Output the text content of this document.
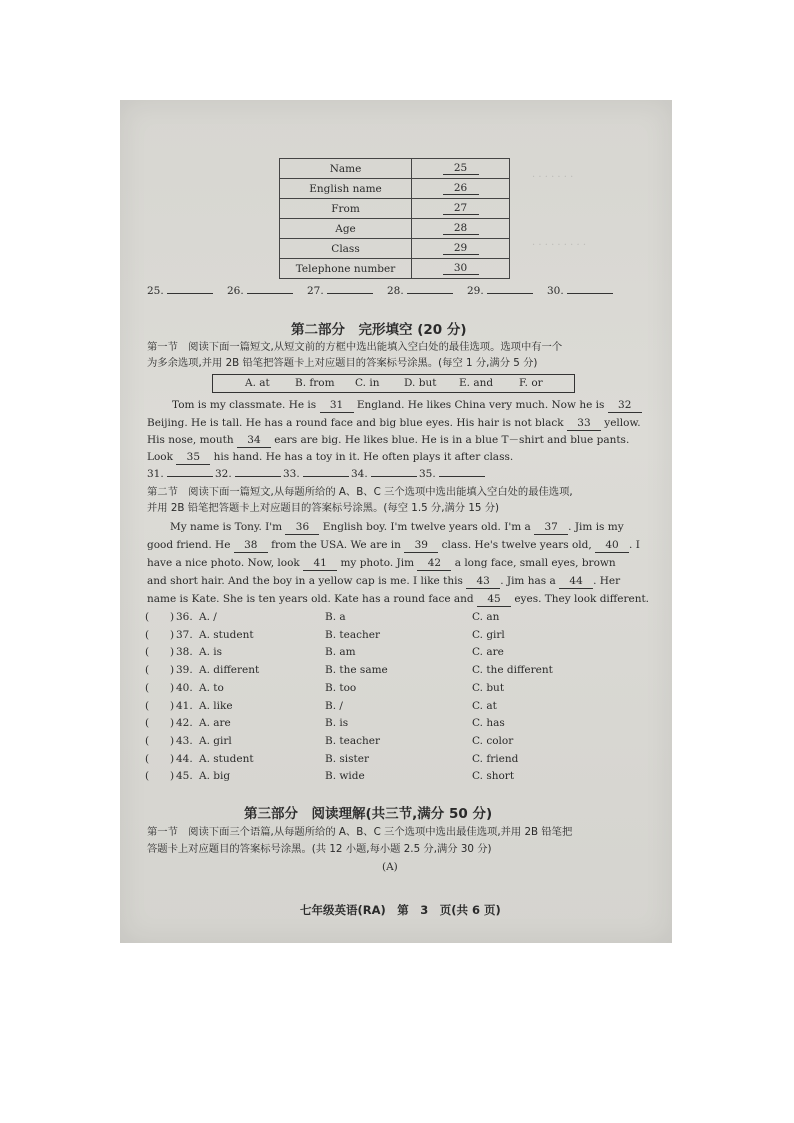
· · · · · · ·
· · · · · · · · ·
Name	25
English name	26
From	27
Age	28
Class	29
Telephone number	30
25.	26.	27.	28.	29.	30.
第二部分　完形填空 (20 分)
第一节　阅读下面一篇短文,从短文前的方框中选出能填入空白处的最佳选项。选项中有一个
为多余选项,并用 2B 铅笔把答题卡上对应题目的答案标号涂黑。(每空 1 分,满分 5 分)
A. at B. from C. in D. but E. and F. or
Tom is my classmate. He is 31 England. He likes China very much. Now he is 32
Beijing. He is tall. He has a round face and big blue eyes. His hair is not black 33 yellow.
His nose, mouth 34 ears are big. He likes blue. He is in a blue T－shirt and blue pants.
Look 35 his hand. He has a toy in it. He often plays it after class.
31.	32.	33.	34.	35.
第二节　阅读下面一篇短文,从每题所给的 A、B、C 三个选项中选出能填入空白处的最佳选项,
并用 2B 铅笔把答题卡上对应题目的答案标号涂黑。(每空 1.5 分,满分 15 分)
My name is Tony. I'm 36 English boy. I'm twelve years old. I'm a 37 . Jim is my
good friend. He 38 from the USA. We are in 39 class. He's twelve years old, 40 . I
have a nice photo. Now, look 41 my photo. Jim 42 a long face, small eyes, brown
and short hair. And the boy in a yellow cap is me. I like this 43 . Jim has a 44 . Her
name is Kate. She is ten years old. Kate has a round face and 45 eyes. They look different.
( ) 36. A. /	B. a	C. an
( ) 37. A. student	B. teacher	C. girl
( ) 38. A. is	B. am	C. are
( ) 39. A. different	B. the same	C. the different
( ) 40. A. to	B. too	C. but
( ) 41. A. like	B. /	C. at
( ) 42. A. are	B. is	C. has
( ) 43. A. girl	B. teacher	C. color
( ) 44. A. student	B. sister	C. friend
( ) 45. A. big	B. wide	C. short
第三部分　阅读理解(共三节,满分 50 分)
第一节　阅读下面三个语篇,从每题所给的 A、B、C 三个选项中选出最佳选项,并用 2B 铅笔把
答题卡上对应题目的答案标号涂黑。(共 12 小题,每小题 2.5 分,满分 30 分)
(A)
七年级英语(RA)　第　3　页(共 6 页)
